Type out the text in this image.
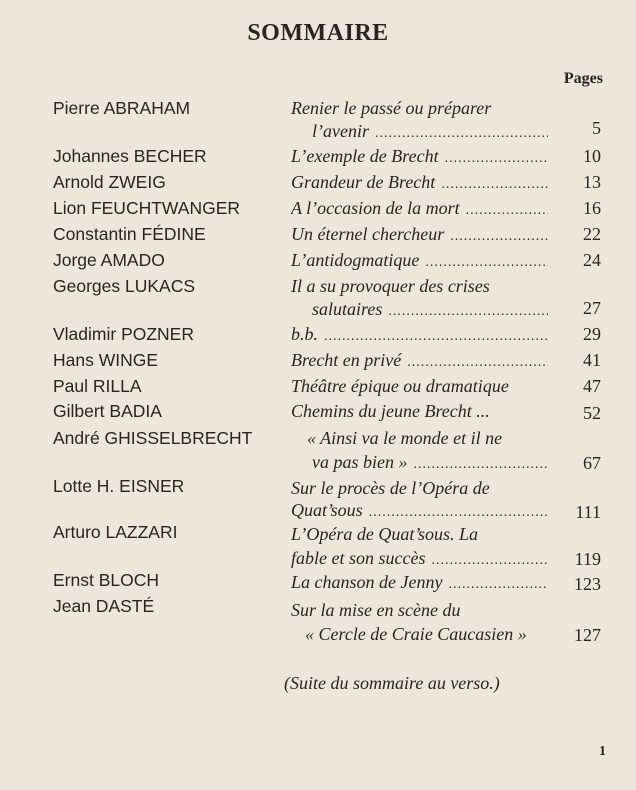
SOMMAIRE
Pages
Pierre ABRAHAM	Renier le passé ou préparer
l’avenir .....	5
Johannes BECHER	L’exemple de Brecht .....	10
Arnold ZWEIG	Grandeur de Brecht .....	13
Lion FEUCHTWANGER	A l’occasion de la mort .....	16
Constantin FÉDINE	Un éternel chercheur .....	22
Jorge AMADO	L’antidogmatique .....	24
Georges LUKACS	Il a su provoquer des crises
salutaires .....	27
Vladimir POZNER	b.b. .....	29
Hans WINGE	Brecht en privé .....	41
Paul RILLA	Théâtre épique ou dramatique	47
Gilbert BADIA	Chemins du jeune Brecht ...	52
André GHISSELBRECHT	« Ainsi va le monde et il ne
va pas bien » .....	67
Lotte H. EISNER	Sur le procès de l’Opéra de
Quat’sous .....	111
Arturo LAZZARI	L’Opéra de Quat’sous. La
fable et son succès .....	119
Ernst BLOCH	La chanson de Jenny .....	123
Jean DASTÉ	Sur la mise en scène du
« Cercle de Craie Caucasien »	127
(Suite du sommaire au verso.)
1
